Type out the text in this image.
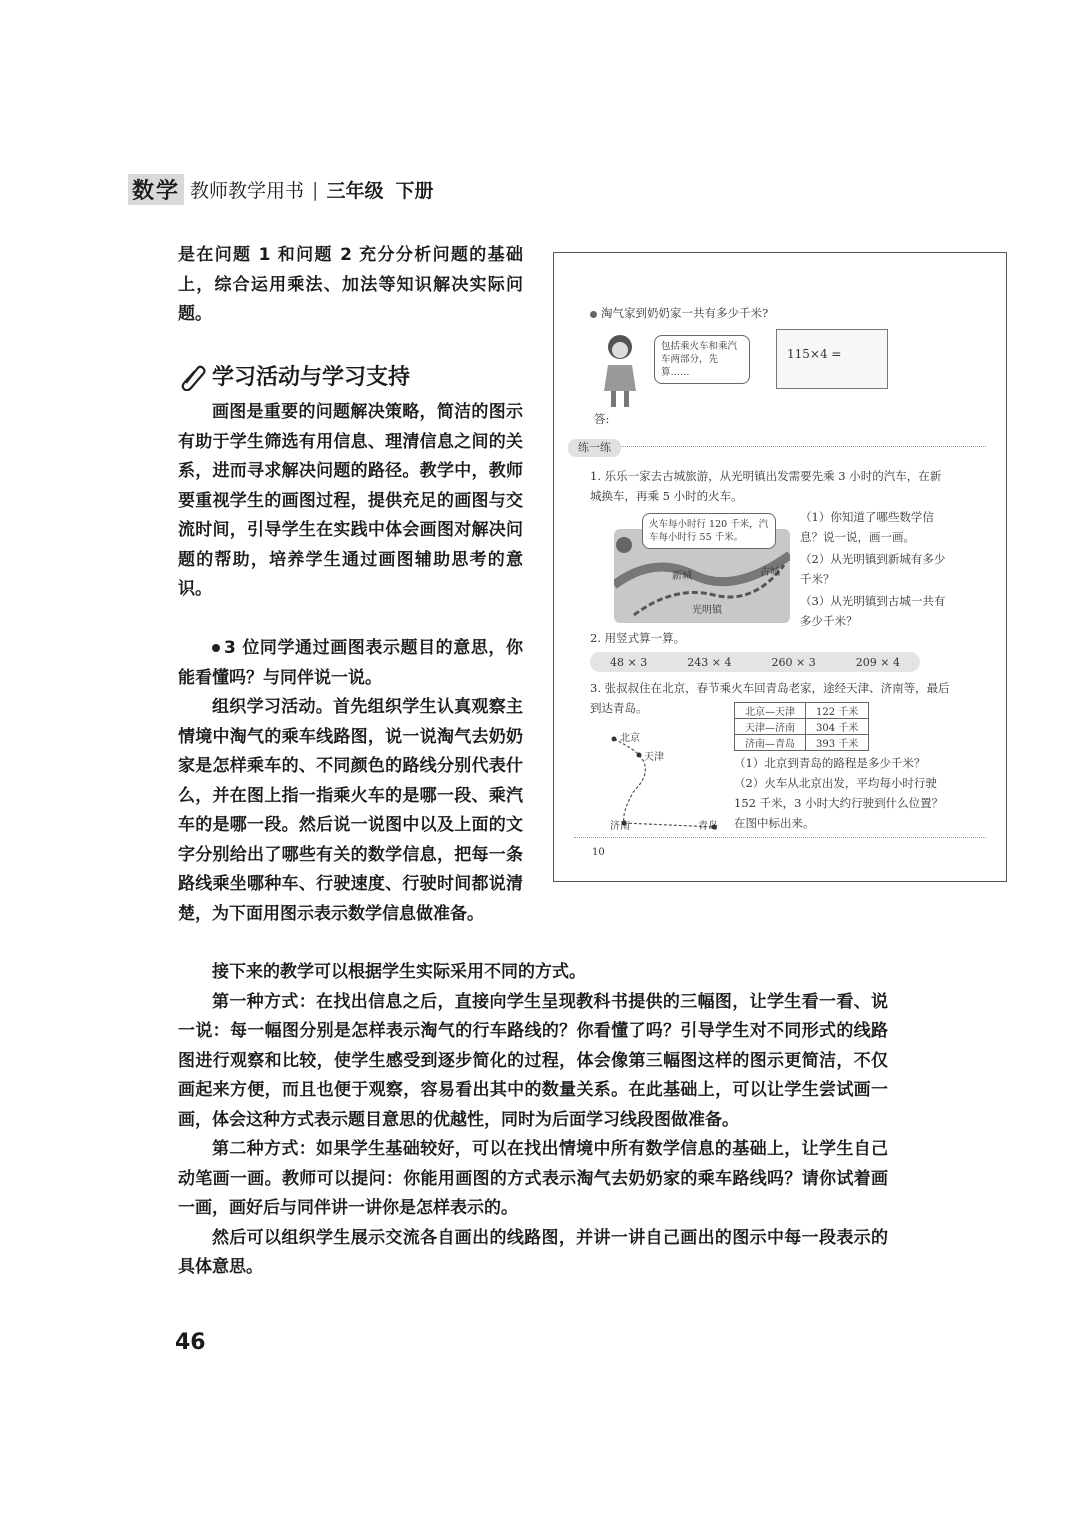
数学 教师教学用书 | 三年级 下册

是在问题 1 和问题 2 充分分析问题的基础上，综合运用乘法、加法等知识解决实际问题。

学习活动与学习支持

画图是重要的问题解决策略，简洁的图示有助于学生筛选有用信息、理清信息之间的关系，进而寻求解决问题的路径。教学中，教师要重视学生的画图过程，提供充足的画图与交流时间，引导学生在实践中体会画图对解决问题的帮助，培养学生通过画图辅助思考的意识。

3 位同学通过画图表示题目的意思，你能看懂吗？与同伴说一说。

组织学习活动。首先组织学生认真观察主情境中淘气的乘车线路图，说一说淘气去奶奶家是怎样乘车的、不同颜色的路线分别代表什么，并在图上指一指乘火车的是哪一段、乘汽车的是哪一段。然后说一说图中以及上面的文字分别给出了哪些有关的数学信息，把每一条路线乘坐哪种车、行驶速度、行驶时间都说清楚，为下面用图示表示数学信息做准备。

接下来的教学可以根据学生实际采用不同的方式。

第一种方式：在找出信息之后，直接向学生呈现教科书提供的三幅图，让学生看一看、说一说：每一幅图分别是怎样表示淘气的行车路线的？你看懂了吗？引导学生对不同形式的线路图进行观察和比较，使学生感受到逐步简化的过程，体会像第三幅图这样的图示更简洁，不仅画起来方便，而且也便于观察，容易看出其中的数量关系。在此基础上，可以让学生尝试画一画，体会这种方式表示题目意思的优越性，同时为后面学习线段图做准备。

第二种方式：如果学生基础较好，可以在找出情境中所有数学信息的基础上，让学生自己动笔画一画。教师可以提问：你能用画图的方式表示淘气去奶奶家的乘车路线吗？请你试着画一画，画好后与同伴讲一讲你是怎样表示的。

然后可以组织学生展示交流各自画出的线路图，并讲一讲自己画出的图示中每一段表示的具体意思。

46
淘气家到奶奶家一共有多少千米?
包括乘火车和乘汽车两部分，先算……
115×4 =
答:
练一练
1. 乐乐一家去古城旅游，从光明镇出发需要先乘 3 小时的汽车，在新城换车，再乘 5 小时的火车。
火车每小时行 120 千米，汽车每小时行 55 千米。
新城	古城
光明镇
（1）你知道了哪些数学信息？说一说，画一画。
（2）从光明镇到新城有多少千米？
（3）从光明镇到古城一共有多少千米？
2. 用竖式算一算。
48 × 3	243 × 4	260 × 3	209 × 4
3. 张叔叔住在北京，春节乘火车回青岛老家，途经天津、济南等，最后到达青岛。	北京—天津	122 千米
天津—济南	304 千米
济南—青岛	393 千米
北京
天津
济南	青岛
（1）北京到青岛的路程是多少千米？
（2）火车从北京出发，平均每小时行驶 152 千米，3 小时大约行驶到什么位置？在图中标出来。
10
